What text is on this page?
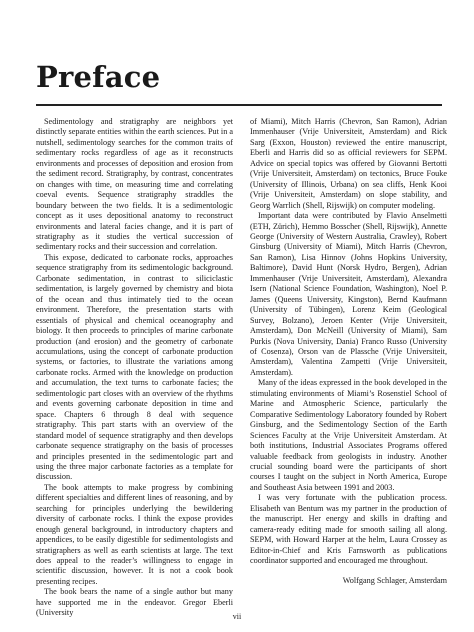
Preface

Sedimentology and stratigraphy are neighbors yet distinctly separate entities within the earth sciences. Put in a nutshell, sedimentology searches for the common traits of sedimentary rocks regardless of age as it reconstructs environments and processes of deposition and erosion from the sediment record. Stratigraphy, by contrast, concentrates on changes with time, on measuring time and correlating coeval events. Sequence stratigraphy straddles the boundary between the two fields. It is a sedimentologic concept as it uses depositional anatomy to reconstruct environments and lateral facies change, and it is part of stratigraphy as it studies the vertical succession of sedimentary rocks and their succession and correlation.

This expose, dedicated to carbonate rocks, approaches sequence stratigraphy from its sedimentologic background. Carbonate sedimentation, in contrast to siliciclastic sedimentation, is largely governed by chemistry and biota of the ocean and thus intimately tied to the ocean environment. Therefore, the presentation starts with essentials of physical and chemical oceanography and biology. It then proceeds to principles of marine carbonate production (and erosion) and the geometry of carbonate accumulations, using the concept of carbonate production systems, or factories, to illustrate the variations among carbonate rocks. Armed with the knowledge on production and accumulation, the text turns to carbonate facies; the sedimentologic part closes with an overview of the rhythms and events governing carbonate deposition in time and space. Chapters 6 through 8 deal with sequence stratigraphy. This part starts with an overview of the standard model of sequence stratigraphy and then develops carbonate sequence stratigraphy on the basis of processes and principles presented in the sedimentologic part and using the three major carbonate factories as a template for discussion.

The book attempts to make progress by combining different specialties and different lines of reasoning, and by searching for principles underlying the bewildering diversity of carbonate rocks. I think the expose provides enough general background, in introductory chapters and appendices, to be easily digestible for sedimentologists and stratigraphers as well as earth scientists at large. The text does appeal to the reader’s willingness to engage in scientific discussion, however. It is not a cook book presenting recipes.

The book bears the name of a single author but many have supported me in the endeavor. Gregor Eberli (University

of Miami), Mitch Harris (Chevron, San Ramon), Adrian Immenhauser (Vrije Universiteit, Amsterdam) and Rick Sarg (Exxon, Houston) reviewed the entire manuscript, Eberli and Harris did so as official reviewers for SEPM. Advice on special topics was offered by Giovanni Bertotti (Vrije Universiteit, Amsterdam) on tectonics, Bruce Fouke (University of Illinois, Urbana) on sea cliffs, Henk Kooi (Vrije Universiteit, Amsterdam) on slope stability, and Georg Warrlich (Shell, Rijswijk) on computer modeling.

Important data were contributed by Flavio Anselmetti (ETH, Zürich), Hemmo Bosscher (Shell, Rijswijk), Annette George (University of Western Australia, Crawley), Robert Ginsburg (University of Miami), Mitch Harris (Chevron, San Ramon), Lisa Hinnov (Johns Hopkins University, Baltimore), David Hunt (Norsk Hydro, Bergen), Adrian Immenhauser (Vrije Universiteit, Amsterdam), Alexandra Isern (National Science Foundation, Washington), Noel P. James (Queens University, Kingston), Bernd Kaufmann (University of Tübingen), Lorenz Keim (Geological Survey, Bolzano), Jeroen Kenter (Vrije Universiteit, Amsterdam), Don McNeill (University of Miami), Sam Purkis (Nova University, Dania) Franco Russo (University of Cosenza), Orson van de Plassche (Vrije Universiteit, Amsterdam), Valentina Zampetti (Vrije Universiteit, Amsterdam).

Many of the ideas expressed in the book developed in the stimulating environments of Miami’s Rosenstiel School of Marine and Atmospheric Science, particularly the Comparative Sedimentology Laboratory founded by Robert Ginsburg, and the Sedimentology Section of the Earth Sciences Faculty at the Vrije Universiteit Amsterdam. At both institutions, Industrial Associates Programs offered valuable feedback from geologists in industry. Another crucial sounding board were the participants of short courses I taught on the subject in North America, Europe and Southeast Asia between 1991 and 2003.

I was very fortunate with the publication process. Elisabeth van Bentum was my partner in the production of the manuscript. Her energy and skills in drafting and camera-ready editing made for smooth sailing all along. SEPM, with Howard Harper at the helm, Laura Crossey as Editor-in-Chief and Kris Farnsworth as publications coordinator supported and encouraged me throughout.

Wolfgang Schlager, Amsterdam

vii
